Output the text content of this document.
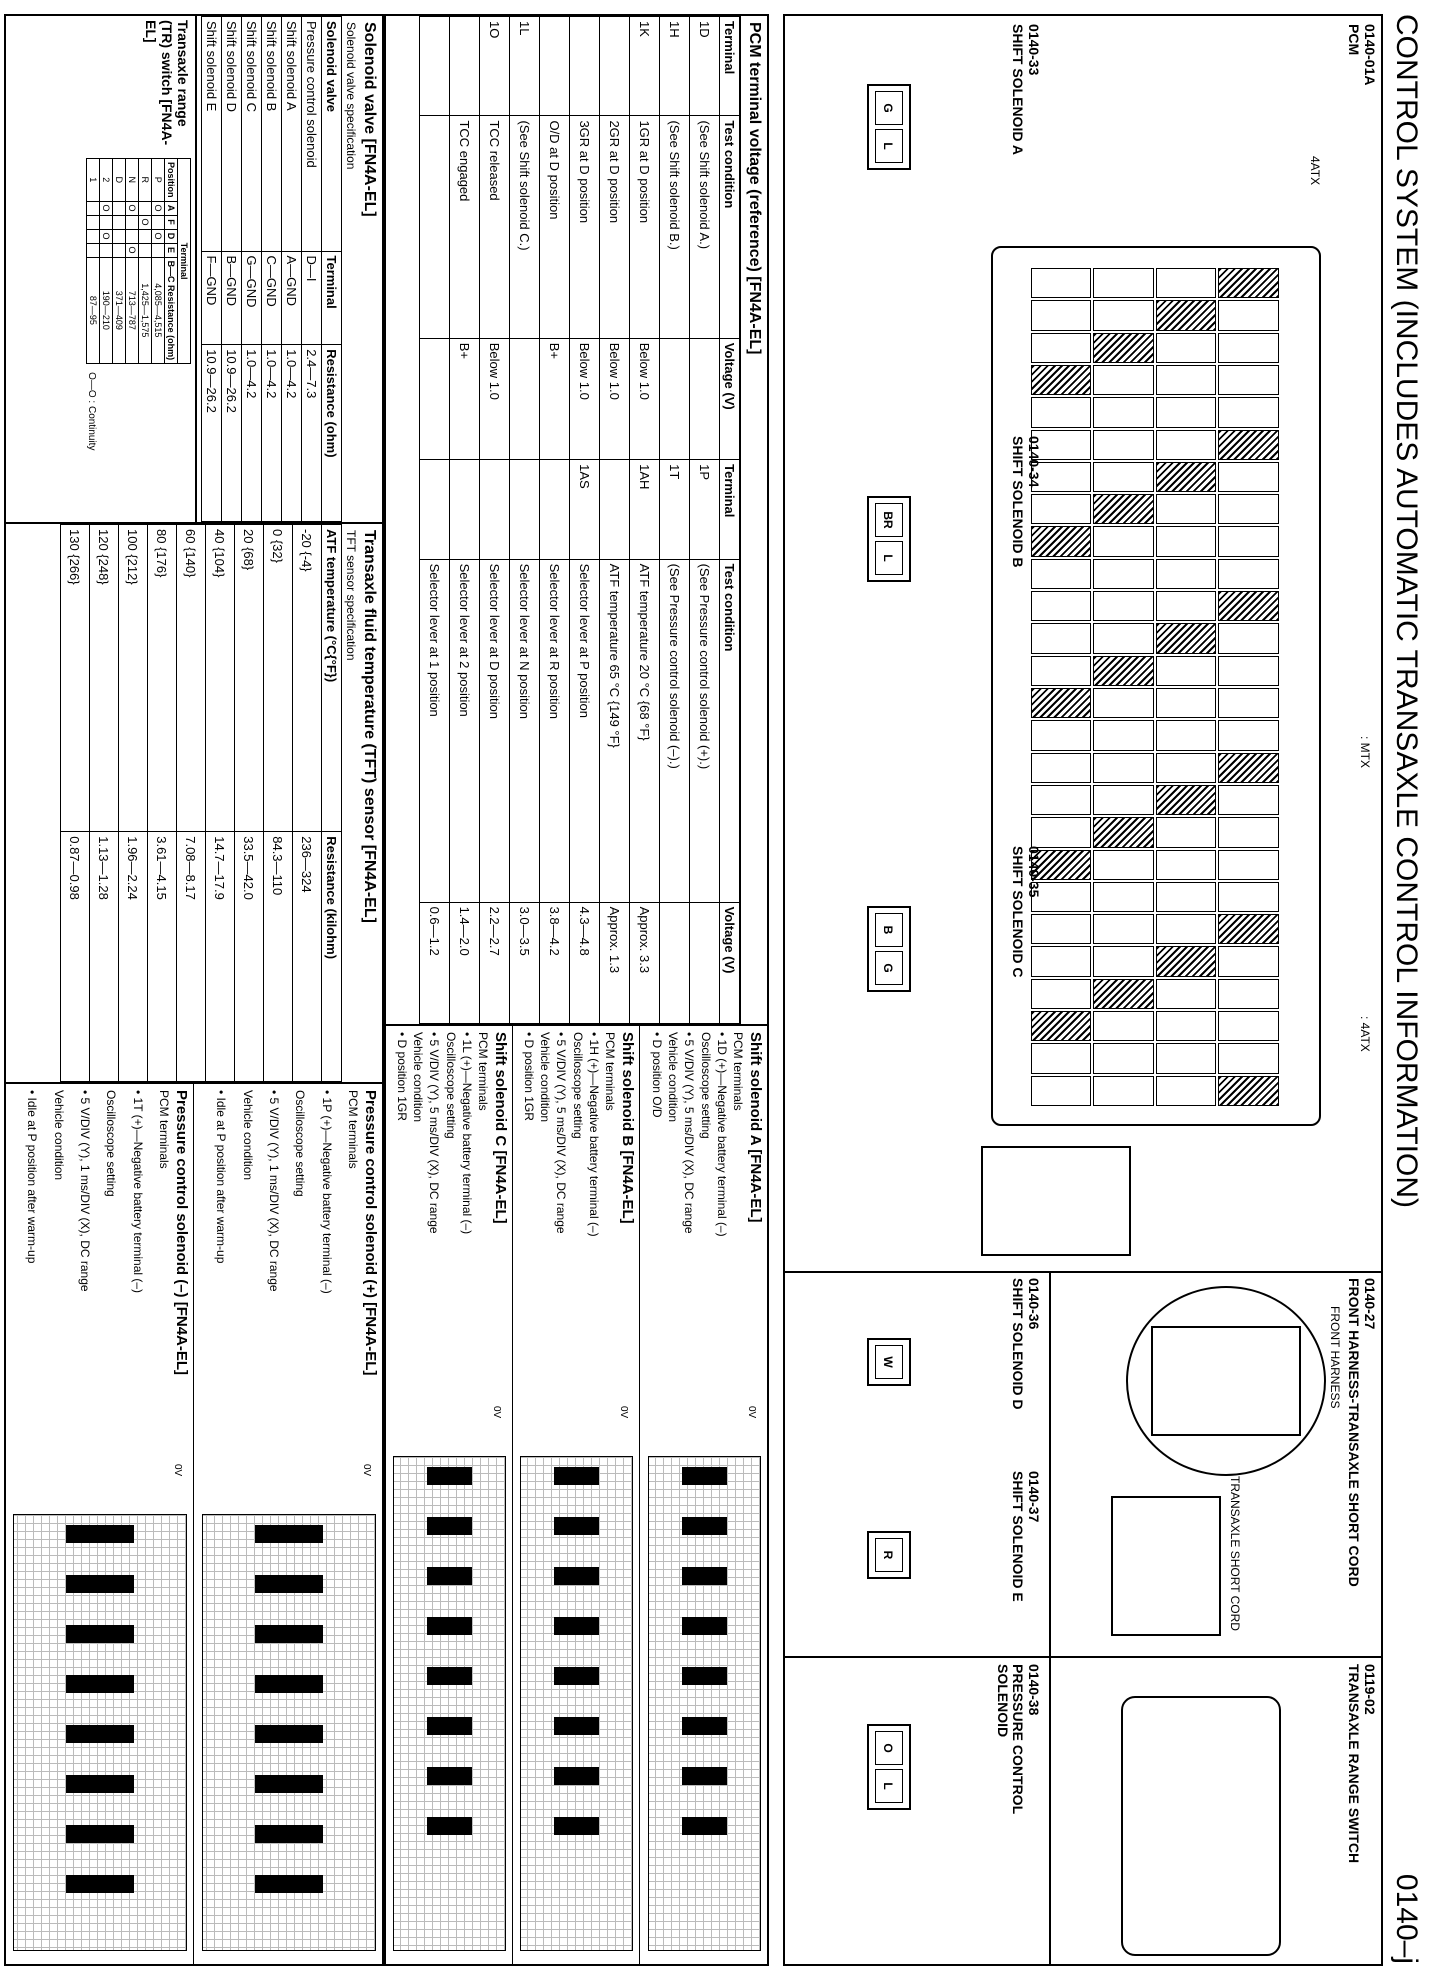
CONTROL SYSTEM (INCLUDES AUTOMATIC TRANSAXLE CONTROL INFORMATION)
0140–j
0140-01A
PCM
4ATX
: MTX
: 4ATX
0140-27
FRONT HARNESS-TRANSAXLE SHORT CORD
FRONT HARNESS
TRANSAXLE SHORT CORD
0119-02
TRANSAXLE RANGE SWITCH
0140-33
SHIFT SOLENOID A
G
L
0140-34
SHIFT SOLENOID B
BR
L
0140-35
SHIFT SOLENOID C
B
G
0140-36
SHIFT SOLENOID D
W
0140-37
SHIFT SOLENOID E
R
0140-38
PRESSURE CONTROL SOLENOID
O
L
PCM terminal voltage (reference) [FN4A-EL]
Terminal	Test condition	Voltage (V)	Terminal	Test condition	Voltage (V)
1D	(See Shift solenoid A.)		1P	(See Pressure control solenoid (+).)	
1H	(See Shift solenoid B.)		1T	(See Pressure control solenoid (–).)	
1K	1GR at D position	Below 1.0	1AH	ATF temperature 20 °C {68 °F}	Approx. 3.3
	2GR at D position	Below 1.0		ATF temperature 65 °C {149 °F}	Approx. 1.3
	3GR at D position	Below 1.0	1AS	Selector lever at P position	4.3—4.8
	O/D at D position	B+		Selector lever at R position	3.8—4.2
1L	(See Shift solenoid C.)			Selector lever at N position	3.0—3.5
1O	TCC released	Below 1.0		Selector lever at D position	2.2—2.7
	TCC engaged	B+		Selector lever at 2 position	1.4—2.0
				Selector lever at 1 position	0.6—1.2
Shift solenoid A [FN4A-EL]
PCM terminals
• 1D (+)—Negative battery terminal (–)
Oscilloscope setting
• 5 V/DIV (Y), 5 ms/DIV (X), DC range
Vehicle condition
• D position O/D
0V
Shift solenoid B [FN4A-EL]
PCM terminals
• 1H (+)—Negative battery terminal (–)
Oscilloscope setting
• 5 V/DIV (Y), 5 ms/DIV (X), DC range
Vehicle condition
• D position 1GR
0V
Shift solenoid C [FN4A-EL]
PCM terminals
• 1L (+)—Negative battery terminal (–)
Oscilloscope setting
• 5 V/DIV (Y), 5 ms/DIV (X), DC range
Vehicle condition
• D position 1GR
0V
Solenoid valve [FN4A-EL]
Solenoid valve specification
Solenoid valve	Terminal	Resistance (ohm)
Pressure control solenoid	D—I	2.4—7.3
Shift solenoid A	A—GND	1.0—4.2
Shift solenoid B	C—GND	1.0—4.2
Shift solenoid C	G—GND	1.0—4.2
Shift solenoid D	B—GND	10.9—26.2
Shift solenoid E	F—GND	10.9—26.2
Transaxle range (TR) switch [FN4A-EL]
Terminal					
Position	A	F	D	E	B—C Resistance (ohm)
P	O		O		4,085—4,515
R		O			1,425—1,575
N	O			O	713—787
D					371—409
2	O		O		190—210
1					87—95
O—O : Continuity
Transaxle fluid temperature (TFT) sensor [FN4A-EL]
TFT sensor specification
ATF temperature (°C{°F})	Resistance (kilohm)
-20 {-4}	236—324
0 {32}	84.3—110
20 {68}	33.5—42.0
40 {104}	14.7—17.9
60 {140}	7.08—8.17
80 {176}	3.61—4.15
100 {212}	1.96—2.24
120 {248}	1.13—1.28
130 {266}	0.87—0.98
Pressure control solenoid (+) [FN4A-EL]
PCM terminals
• 1P (+)—Negative battery terminal (–)
Oscilloscope setting
• 5 V/DIV (Y), 1 ms/DIV (X), DC range
Vehicle condition
• Idle at P position after warm-up
0V
Pressure control solenoid (–) [FN4A-EL]
PCM terminals
• 1T (+)—Negative battery terminal (–)
Oscilloscope setting
• 5 V/DIV (Y), 1 ms/DIV (X), DC range
Vehicle condition
• Idle at P position after warm-up
0V
